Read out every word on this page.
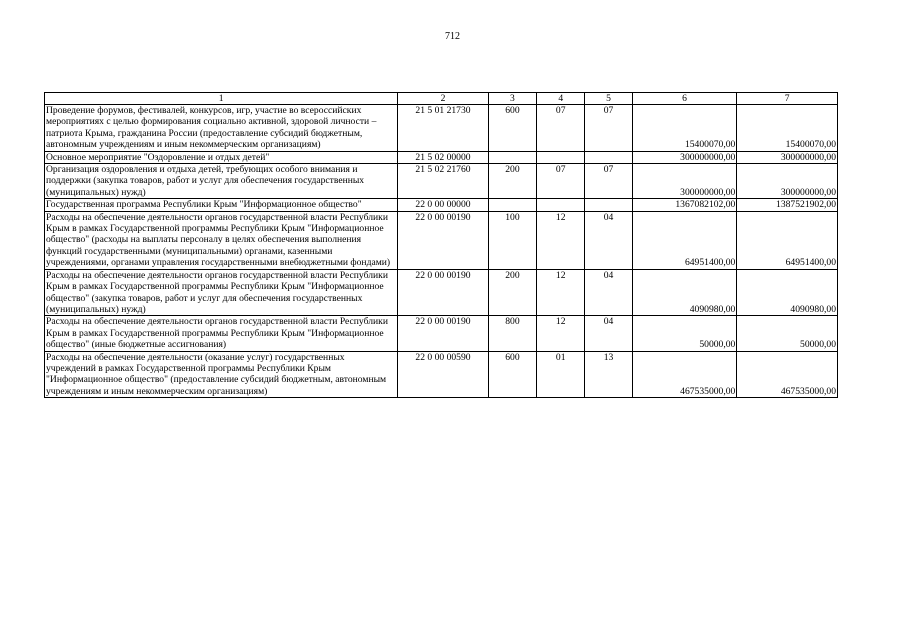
712
1	2	3	4	5	6	7
Проведение форумов, фестивалей, конкурсов, игр, участие во всероссийских мероприятиях с целью формирования социально активной, здоровой личности – патриота Крыма, гражданина России (предоставление субсидий бюджетным, автономным учреждениям и иным некоммерческим организациям)	21 5 01 21730	600	07	07	15400070,00	15400070,00
Основное мероприятие "Оздоровление и отдых детей"	21 5 02 00000				300000000,00	300000000,00
Организация оздоровления и отдыха детей, требующих особого внимания и поддержки (закупка товаров, работ и услуг для обеспечения государственных (муниципальных) нужд)	21 5 02 21760	200	07	07	300000000,00	300000000,00
Государственная программа Республики Крым "Информационное общество"	22 0 00 00000				1367082102,00	1387521902,00
Расходы на обеспечение деятельности органов государственной власти Республики Крым в рамках Государственной программы Республики Крым "Информационное общество" (расходы на выплаты персоналу в целях обеспечения выполнения функций государственными (муниципальными) органами, казенными учреждениями, органами управления государственными внебюджетными фондами)	22 0 00 00190	100	12	04	64951400,00	64951400,00
Расходы на обеспечение деятельности органов государственной власти Республики Крым в рамках Государственной программы Республики Крым "Информационное общество" (закупка товаров, работ и услуг для обеспечения государственных (муниципальных) нужд)	22 0 00 00190	200	12	04	4090980,00	4090980,00
Расходы на обеспечение деятельности органов государственной власти Республики Крым в рамках Государственной программы Республики Крым "Информационное общество" (иные бюджетные ассигнования)	22 0 00 00190	800	12	04	50000,00	50000,00
Расходы на обеспечение деятельности (оказание услуг) государственных учреждений в рамках Государственной программы Республики Крым "Информационное общество" (предоставление субсидий бюджетным, автономным учреждениям и иным некоммерческим организациям)	22 0 00 00590	600	01	13	467535000,00	467535000,00
